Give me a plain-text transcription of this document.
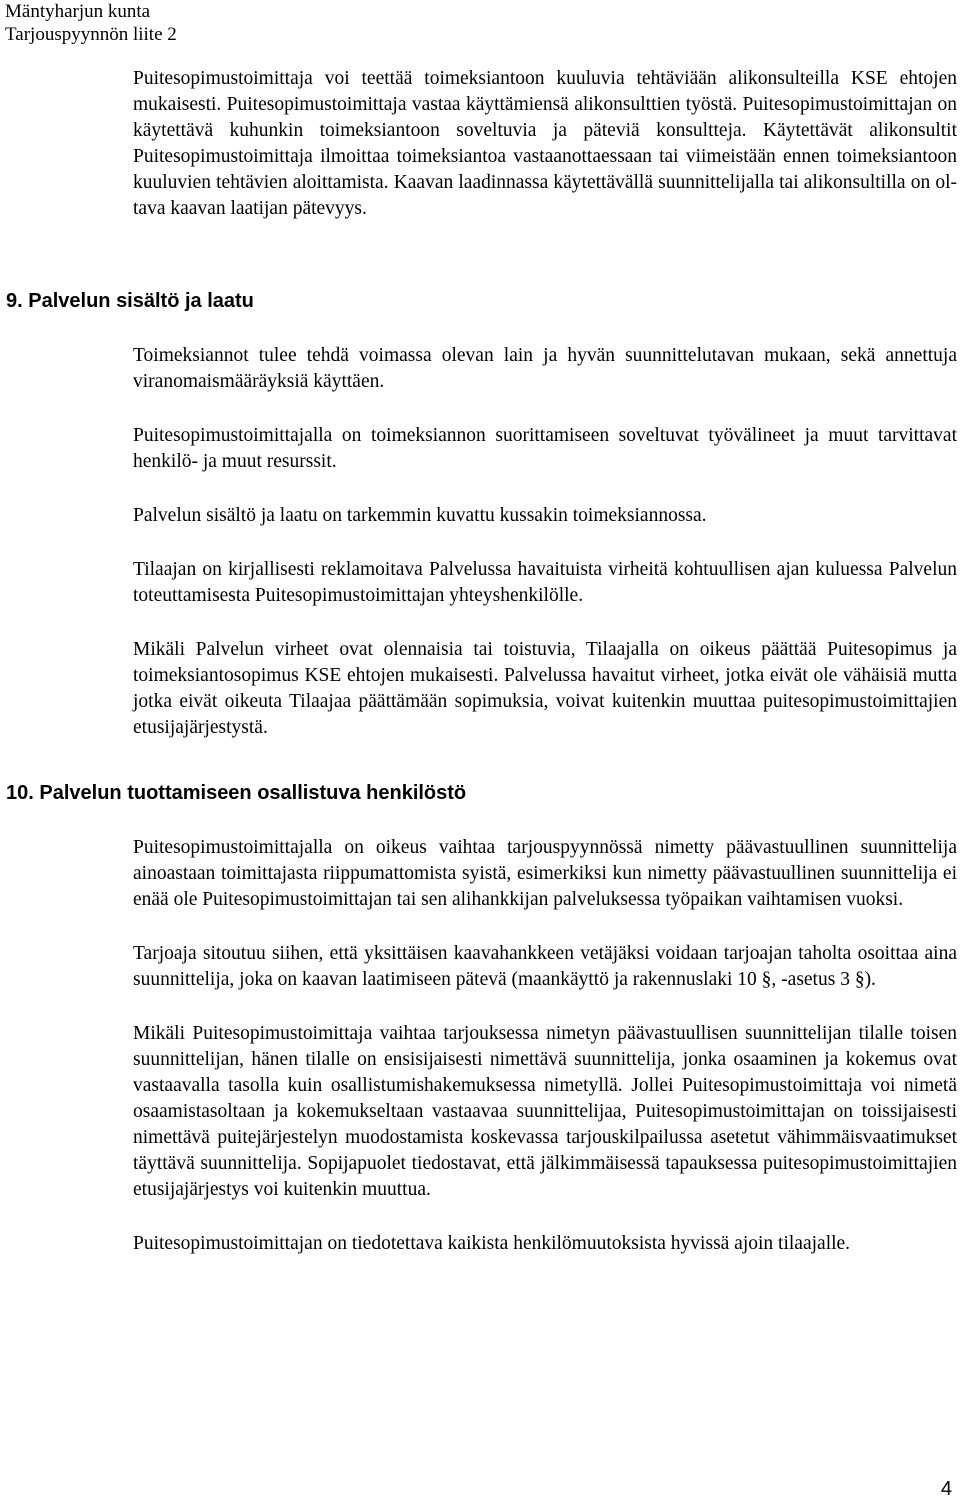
Mäntyharjun kunta
Tarjouspyynnön liite 2

Puitesopimustoimittaja voi teettää toimeksiantoon kuuluvia tehtäviään alikonsulteilla KSE ehtojen mukaisesti. Puitesopimustoimittaja vastaa käyttämiensä alikonsulttien työstä. Puitesopimustoimittajan on käytettävä kuhunkin toimeksiantoon soveltuvia ja päteviä konsultteja. Käytettävät alikonsultit Puitesopimustoimittaja ilmoittaa toimeksiantoa vastaanottaessaan tai viimeistään ennen toimeksiantoon kuuluvien tehtävien aloittamista. Kaavan laadinnassa käytettävällä suunnittelijalla tai alikonsultilla on oltava kaavan laatijan pätevyys.

9. Palvelun sisältö ja laatu

Toimeksiannot tulee tehdä voimassa olevan lain ja hyvän suunnittelutavan mukaan, sekä annettuja viranomaismääräyksiä käyttäen.

Puitesopimustoimittajalla on toimeksiannon suorittamiseen soveltuvat työvälineet ja muut tarvittavat henkilö- ja muut resurssit.

Palvelun sisältö ja laatu on tarkemmin kuvattu kussakin toimeksiannossa.

Tilaajan on kirjallisesti reklamoitava Palvelussa havaituista virheitä kohtuullisen ajan kuluessa Palvelun toteuttamisesta Puitesopimustoimittajan yhteyshenkilölle.

Mikäli Palvelun virheet ovat olennaisia tai toistuvia, Tilaajalla on oikeus päättää Puitesopimus ja toimeksiantosopimus KSE ehtojen mukaisesti. Palvelussa havaitut virheet, jotka eivät ole vähäisiä mutta jotka eivät oikeuta Tilaajaa päättämään sopimuksia, voivat kuitenkin muuttaa puitesopimustoimittajien etusijajärjestystä.

10. Palvelun tuottamiseen osallistuva henkilöstö

Puitesopimustoimittajalla on oikeus vaihtaa tarjouspyynnössä nimetty päävastuullinen suunnittelija ainoastaan toimittajasta riippumattomista syistä, esimerkiksi kun nimetty päävastuullinen suunnittelija ei enää ole Puitesopimustoimittajan tai sen alihankkijan palveluksessa työpaikan vaihtamisen vuoksi.

Tarjoaja sitoutuu siihen, että yksittäisen kaavahankkeen vetäjäksi voidaan tarjoajan taholta osoittaa aina suunnittelija, joka on kaavan laatimiseen pätevä (maankäyttö ja rakennuslaki 10 §, -asetus 3 §).

Mikäli Puitesopimustoimittaja vaihtaa tarjouksessa nimetyn päävastuullisen suunnittelijan tilalle toisen suunnittelijan, hänen tilalle on ensisijaisesti nimettävä suunnittelija, jonka osaaminen ja kokemus ovat vastaavalla tasolla kuin osallistumishakemuksessa nimetyllä. Jollei Puitesopimustoimittaja voi nimetä osaamistasoltaan ja kokemukseltaan vastaavaa suunnittelijaa, Puitesopimustoimittajan on toissijaisesti nimettävä puitejärjestelyn muodostamista koskevassa tarjouskilpailussa asetetut vähimmäisvaatimukset täyttävä suunnittelija. Sopijapuolet tiedostavat, että jälkimmäisessä tapauksessa puitesopimustoimittajien etusijajärjestys voi kuitenkin muuttua.

Puitesopimustoimittajan on tiedotettava kaikista henkilömuutoksista hyvissä ajoin tilaajalle.

4
